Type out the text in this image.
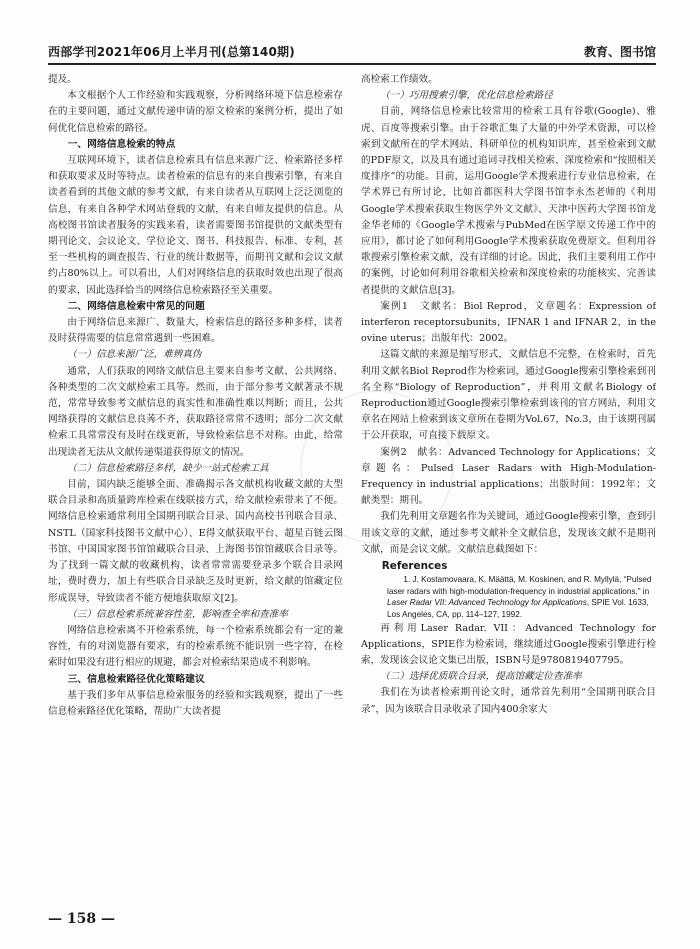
西部学刊2021年06月上半月刊(总第140期)	教育、图书馆

提及。

本文根据个人工作经验和实践观察，分析网络环境下信息检索存在的主要问题，通过文献传递申请的原文检索的案例分析，提出了如何优化信息检索的路径。

一、网络信息检索的特点

互联网环境下，读者信息检索具有信息来源广泛、检索路径多样和获取要求及时等特点。读者检索的信息有的来自搜索引擎，有来自读者看到的其他文献的参考文献，有来自读者从互联网上泛泛浏览的信息，有来自各种学术网站登载的文献，有来自师友提供的信息。从高校图书馆读者服务的实践来看，读者需要图书馆提供的文献类型有期刊论文、会议论文、学位论文、图书、科技报告、标准、专利，甚至一些机构的调查报告、行业的统计数据等，而期刊文献和会议文献约占80%以上。可以看出，人们对网络信息的获取时效也出现了很高的要求，因此选择恰当的网络信息检索路径至关重要。

二、网络信息检索中常见的问题

由于网络信息来源广、数量大，检索信息的路径多种多样，读者及时获得需要的信息常常遇到一些困难。

（一）信息来源广泛，难辨真伪

通常，人们获取的网络文献信息主要来自参考文献、公共网络、各种类型的二次文献检索工具等。然而，由于部分参考文献著录不规范，常常导致参考文献信息的真实性和准确性难以判断；而且，公共网络获得的文献信息良莠不齐，获取路径常常不透明；部分二次文献检索工具常常没有及时在线更新，导致检索信息不对称。由此，给常出现读者无法从文献传递渠道获得原文的情况。

（二）信息检索路径多样，缺少一站式检索工具

目前，国内缺乏能够全面、准确揭示各文献机构收藏文献的大型联合目录和高质量跨库检索在线联接方式，给文献检索带来了不便。网络信息检索通常利用全国期刊联合目录、国内高校书刊联合目录、NSTL（国家科技图书文献中心）、E得文献获取平台、超星百链云图书馆、中国国家图书馆馆藏联合目录、上海图书馆馆藏联合目录等。为了找到一篇文献的收藏机构，读者常常需要登录多个联合目录网址，费时费力，加上有些联合目录缺乏及时更新，给文献的馆藏定位形成误导，导致读者不能方便地获取原文[2]。

（三）信息检索系统兼容性差，影响查全率和查准率

网络信息检索离不开检索系统，每一个检索系统都会有一定的兼容性，有的对浏览器有要求，有的检索系统不能识别一些字符，在检索时如果没有进行相应的规避，都会对检索结果造成不利影响。

三、信息检索路径优化策略建议

基于我们多年从事信息检索服务的经验和实践观察，提出了一些信息检索路径优化策略，帮助广大读者提

高检索工作绩效。

（一）巧用搜索引擎，优化信息检索路径

目前，网络信息检索比较常用的检索工具有谷歌(Google)、雅虎、百度等搜索引擎。由于谷歌汇集了大量的中外学术资源，可以检索到文献所在的学术网站、科研单位的机构知识库，甚至检索到文献的PDF原文，以及具有通过追词寻找相关检索、深度检索和“按照相关度排序”的功能。目前，运用Google学术搜索进行专业信息检索，在学术界已有所讨论，比如首都医科大学图书馆李永杰老师的《利用Google学术搜索获取生物医学外文文献》、天津中医药大学图书馆龙金华老师的《Google学术搜索与PubMed在医学原文传递工作中的应用》，都讨论了如何利用Google学术搜索获取免费原文。但利用谷歌搜索引擎检索文献，没有详细的讨论。因此，我们主要利用工作中的案例，讨论如何利用谷歌相关检索和深度检索的功能核实、完善读者提供的文献信息[3]。

案例1　文献名：Biol Reprod，文章题名：Expression of interferon receptorsubunits，IFNAR 1 and IFNAR 2，in the ovine uterus；出版年代：2002。

这篇文献的来源是缩写形式，文献信息不完整，在检索时，首先利用文献名Biol Reprod作为检索词，通过Google搜索引擎检索到刊名全称“Biology of Reproduction”，并利用文献名Biology of Reproduction通过Google搜索引擎检索到该刊的官方网站，利用文章名在网站上检索到该文章所在卷期为Vol.67，No.3，由于该期刊属于公开获取，可直接下载原文。

案例2　献名：Advanced Technology for Applications；文章题名：Pulsed Laser Radars with High-Modulation-Frequency in industrial applications；出版时间：1992年；文献类型：期刊。

我们先利用文章题名作为关键词，通过Google搜索引擎，查到引用该文章的文献，通过参考文献补全文献信息，发现该文献不是期刊文献，而是会议文献。文献信息截图如下：

References

1. J. Kostamovaara, K. Määttä, M. Koskinen, and R. Myllylä, “Pulsed laser radars with high-modulation-frequency in industrial applications,” in Laser Radar VII: Advanced Technology for Applications, SPIE Vol. 1633, Los Angeles, CA, pp. 114–127, 1992.

再利用Laser Radar. VII：Advanced Technology for Applications，SPIE作为检索词，继续通过Google搜索引擎进行检索，发现该会议论文集已出版，ISBN号是9780819407795。

（二）选择优质联合目录，提高馆藏定位查准率

我们在为读者检索期刊论文时，通常首先利用“全国期刊联合目录”，因为该联合目录收录了国内400余家大

— 158 —
